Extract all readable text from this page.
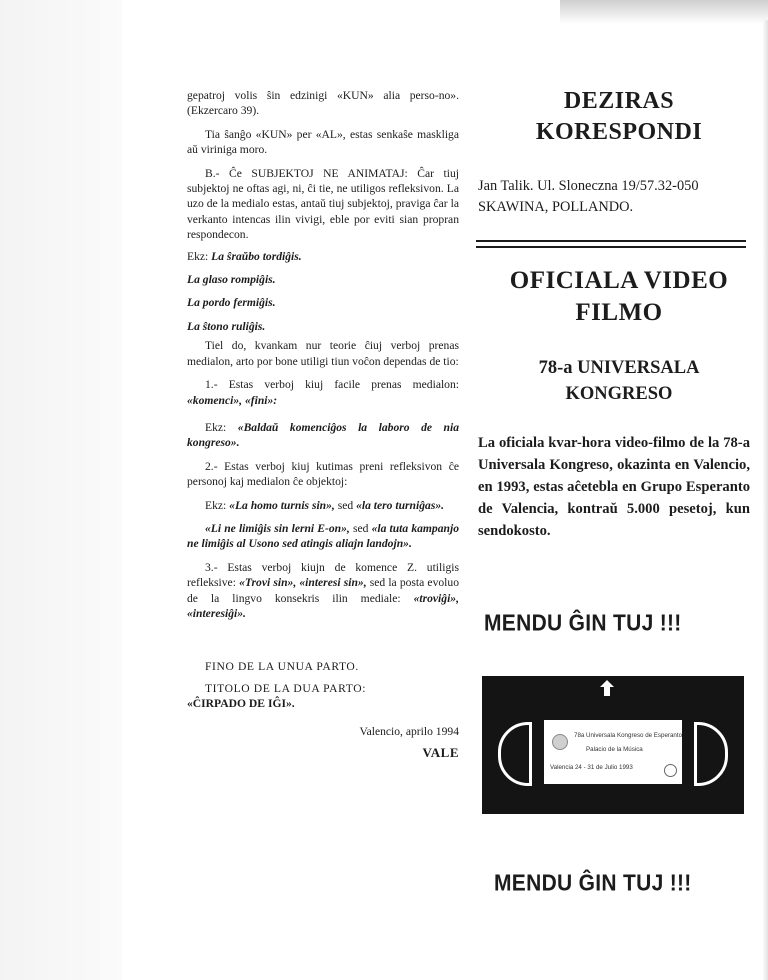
gepatroj volis ŝin edzinigi «KUN» alia perso-no». (Ekzercaro 39).

Tia ŝanĝo «KUN» per «AL», estas senkaŝe maskliga aŭ viriniga moro.

B.- Ĉe SUBJEKTOJ NE ANIMATAJ: Ĉar tiuj subjektoj ne oftas agi, ni, ĉi tie, ne utiligos refleksivon. La uzo de la medialo estas, antaŭ tiuj subjektoj, praviga ĉar la verkanto intencas ilin vivigi, eble por eviti sian propran respondecon.

Ekz: La ŝraŭbo tordiĝis.

La glaso rompiĝis.

La pordo fermiĝis.

La ŝtono ruliĝis.

Tiel do, kvankam nur teorie ĉiuj verboj prenas medialon, arto por bone utiligi tiun voĉon dependas de tio:

1.- Estas verboj kiuj facile prenas medialon: «komenci», «fini»:

Ekz: «Baldaŭ komenciĝos la laboro de nia kongreso».

2.- Estas verboj kiuj kutimas preni refleksivon ĉe personoj kaj medialon ĉe objektoj:

Ekz: «La homo turnis sin», sed «la tero turniĝas».

«Li ne limiĝis sin lerni E-on», sed «la tuta kampanjo ne limiĝis al Usono sed atingis aliajn landojn».

3.- Estas verboj kiujn de komence Z. utiligis refleksive: «Trovi sin», «interesi sin», sed la posta evoluo de la lingvo konsekris ilin mediale: «troviĝi», «interesiĝi».

FINO DE LA UNUA PARTO.

TITOLO DE LA DUA PARTO:

«ĈIRPADO DE IĜI».

Valencio, aprilo 1994

VALE

DEZIRAS
KORESPONDI
Jan Talik. Ul. Sloneczna 19/57.32-050
SKAWINA, POLLANDO.
OFICIALA VIDEO
FILMO
78-a UNIVERSALA
KONGRESO
La oficiala kvar-hora video-filmo de la 78-a Universala Kongreso, okazinta en Valencio, en 1993, estas aĉetebla en Grupo Esperanto de Valencia, kontraŭ 5.000 pesetoj, kun sendokosto.
MENDU ĜIN TUJ !!!
78a Universala Kongreso de Esperanto
Palacio de la Música
Valencia 24 - 31 de Julio 1993
MENDU ĜIN TUJ !!!
